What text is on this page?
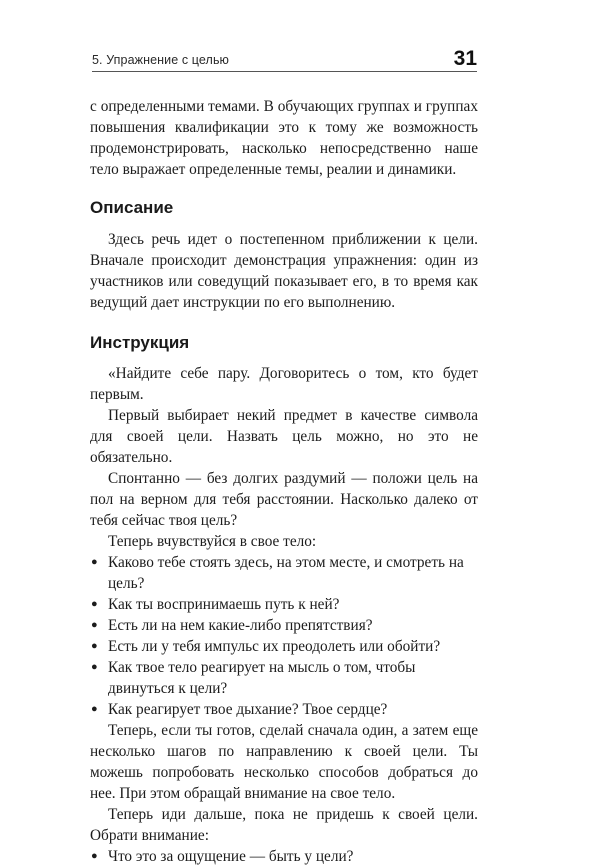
5. Упражнение с целью	31

с определенными темами. В обучающих группах и группах повышения квалификации это к тому же возможность продемонстрировать, насколько непосредственно наше тело выражает определенные темы, реалии и динамики.

Описание

Здесь речь идет о постепенном приближении к цели. Вначале происходит демонстрация упражнения: один из участников или соведущий показывает его, в то время как ведущий дает инструкции по его выполнению.

Инструкция

«Найдите себе пару. Договоритесь о том, кто будет первым.

Первый выбирает некий предмет в качестве символа для своей цели. Назвать цель можно, но это не обязательно.

Спонтанно — без долгих раздумий — положи цель на пол на верном для тебя расстоянии. Насколько далеко от тебя сейчас твоя цель?

Теперь вчувствуйся в свое тело:

● Каково тебе стоять здесь, на этом месте, и смотреть на цель?
● Как ты воспринимаешь путь к ней?
● Есть ли на нем какие-либо препятствия?
● Есть ли у тебя импульс их преодолеть или обойти?
● Как твое тело реагирует на мысль о том, чтобы двинуться к цели?
● Как реагирует твое дыхание? Твое сердце?

Теперь, если ты готов, сделай сначала один, а затем еще несколько шагов по направлению к своей цели. Ты можешь попробовать несколько способов добраться до нее. При этом обращай внимание на свое тело.

Теперь иди дальше, пока не придешь к своей цели. Обрати внимание:

● Что это за ощущение — быть у цели?
